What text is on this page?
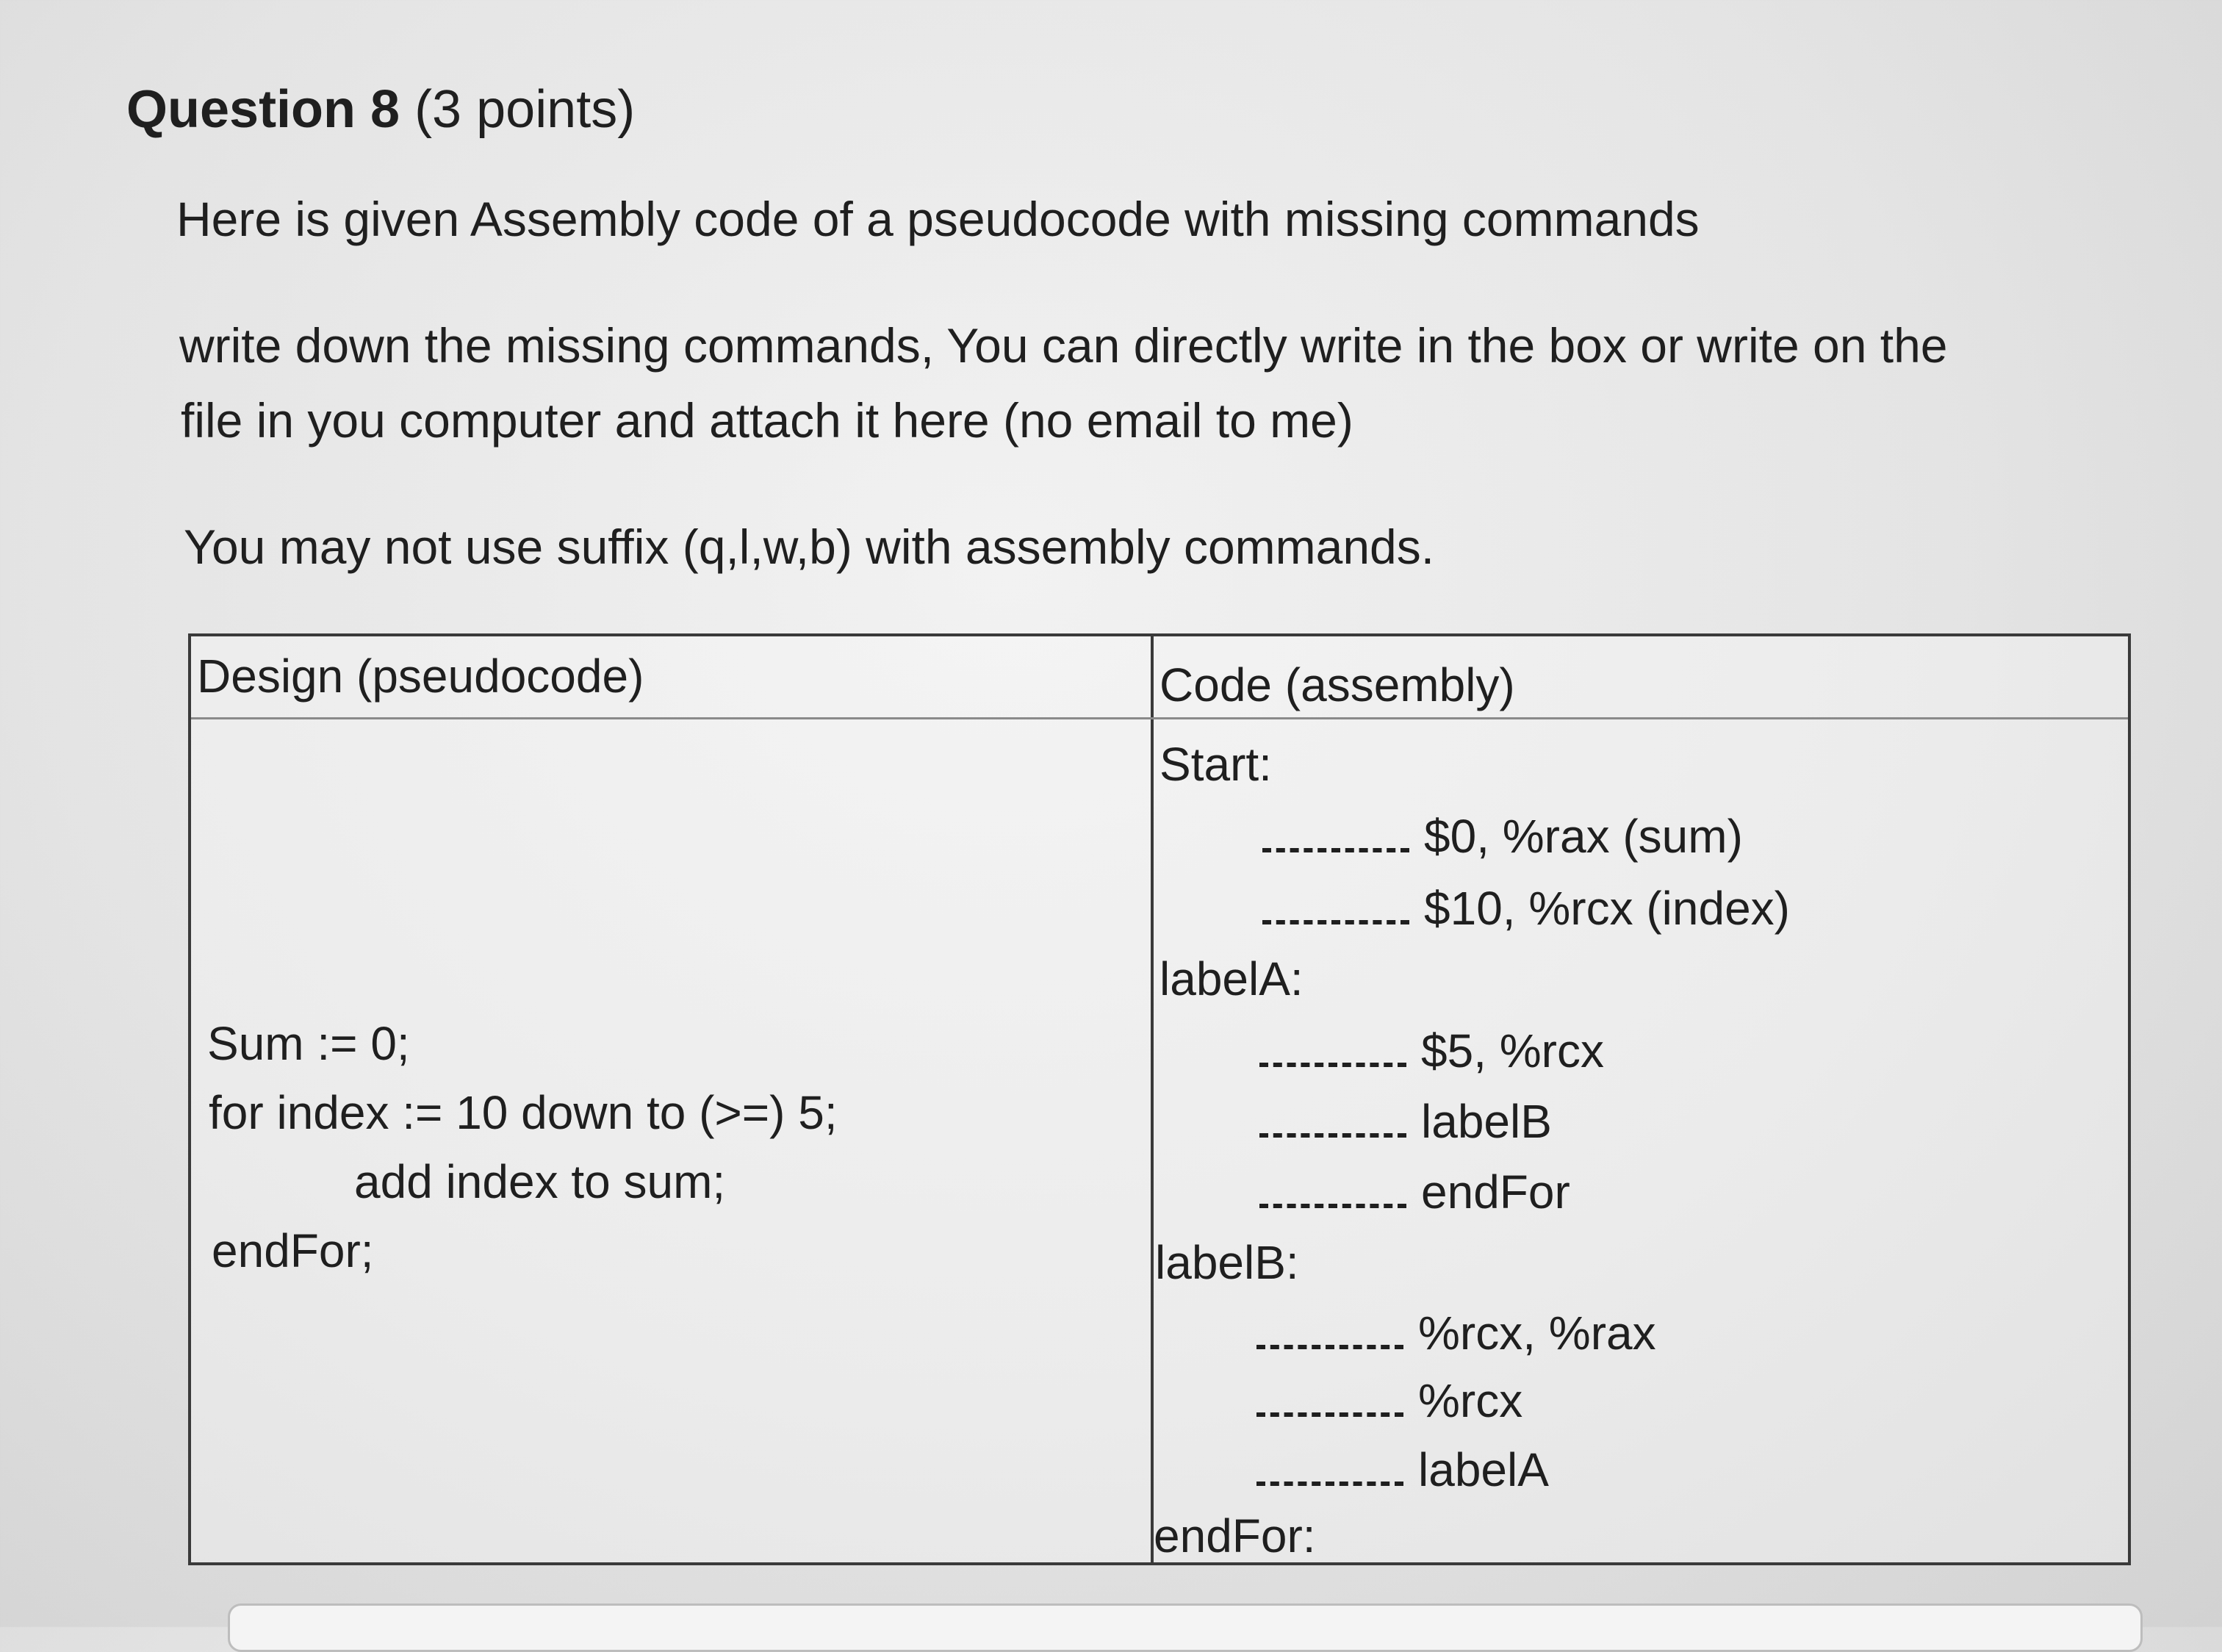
Question 8 (3 points)
Here is given Assembly code of a pseudocode with missing commands
write down the missing commands, You can directly write in the box or write on the
file in you computer and attach it here (no email to me)
You may not use suffix (q,l,w,b) with assembly commands.
Design (pseudocode)	Code (assembly)
Sum := 0;
for index := 10 down to (>=) 5;
add index to sum;
endFor;
Start:
$0, %rax (sum)
$10, %rcx (index)
labelA:
$5, %rcx
labelB
endFor
labelB:
%rcx, %rax
%rcx
labelA
endFor:
